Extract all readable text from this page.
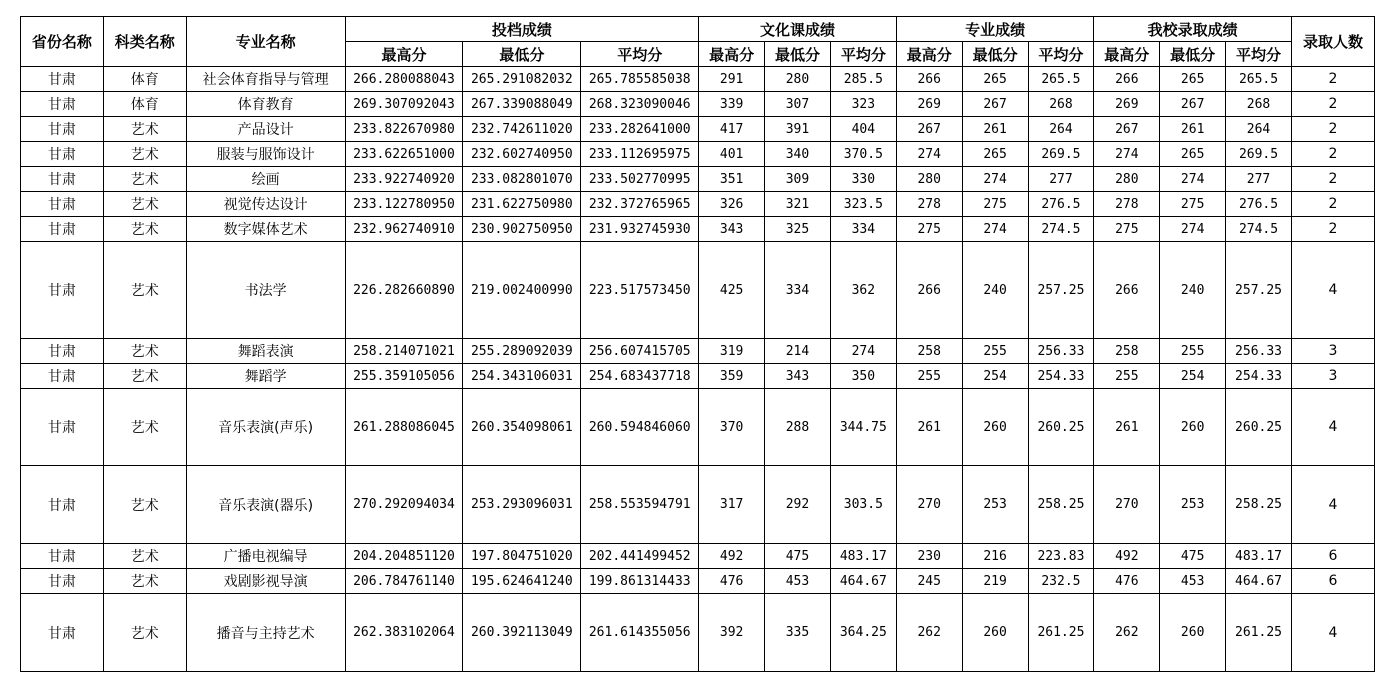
省份名称	科类名称	专业名称	投档成绩			文化课成绩			专业成绩			我校录取成绩			录取人数
			最高分	最低分	平均分	最高分	最低分	平均分	最高分	最低分	平均分	最高分	最低分	平均分	
甘肃	体育	社会体育指导与管理	266.280088043	265.291082032	265.785585038	291	280	285.5	266	265	265.5	266	265	265.5	2
甘肃	体育	体育教育	269.307092043	267.339088049	268.323090046	339	307	323	269	267	268	269	267	268	2
甘肃	艺术	产品设计	233.822670980	232.742611020	233.282641000	417	391	404	267	261	264	267	261	264	2
甘肃	艺术	服装与服饰设计	233.622651000	232.602740950	233.112695975	401	340	370.5	274	265	269.5	274	265	269.5	2
甘肃	艺术	绘画	233.922740920	233.082801070	233.502770995	351	309	330	280	274	277	280	274	277	2
甘肃	艺术	视觉传达设计	233.122780950	231.622750980	232.372765965	326	321	323.5	278	275	276.5	278	275	276.5	2
甘肃	艺术	数字媒体艺术	232.962740910	230.902750950	231.932745930	343	325	334	275	274	274.5	275	274	274.5	2
甘肃	艺术	书法学	226.282660890	219.002400990	223.517573450	425	334	362	266	240	257.25	266	240	257.25	4
甘肃	艺术	舞蹈表演	258.214071021	255.289092039	256.607415705	319	214	274	258	255	256.33	258	255	256.33	3
甘肃	艺术	舞蹈学	255.359105056	254.343106031	254.683437718	359	343	350	255	254	254.33	255	254	254.33	3
甘肃	艺术	音乐表演(声乐)	261.288086045	260.354098061	260.594846060	370	288	344.75	261	260	260.25	261	260	260.25	4
甘肃	艺术	音乐表演(器乐)	270.292094034	253.293096031	258.553594791	317	292	303.5	270	253	258.25	270	253	258.25	4
甘肃	艺术	广播电视编导	204.204851120	197.804751020	202.441499452	492	475	483.17	230	216	223.83	492	475	483.17	6
甘肃	艺术	戏剧影视导演	206.784761140	195.624641240	199.861314433	476	453	464.67	245	219	232.5	476	453	464.67	6
甘肃	艺术	播音与主持艺术	262.383102064	260.392113049	261.614355056	392	335	364.25	262	260	261.25	262	260	261.25	4
